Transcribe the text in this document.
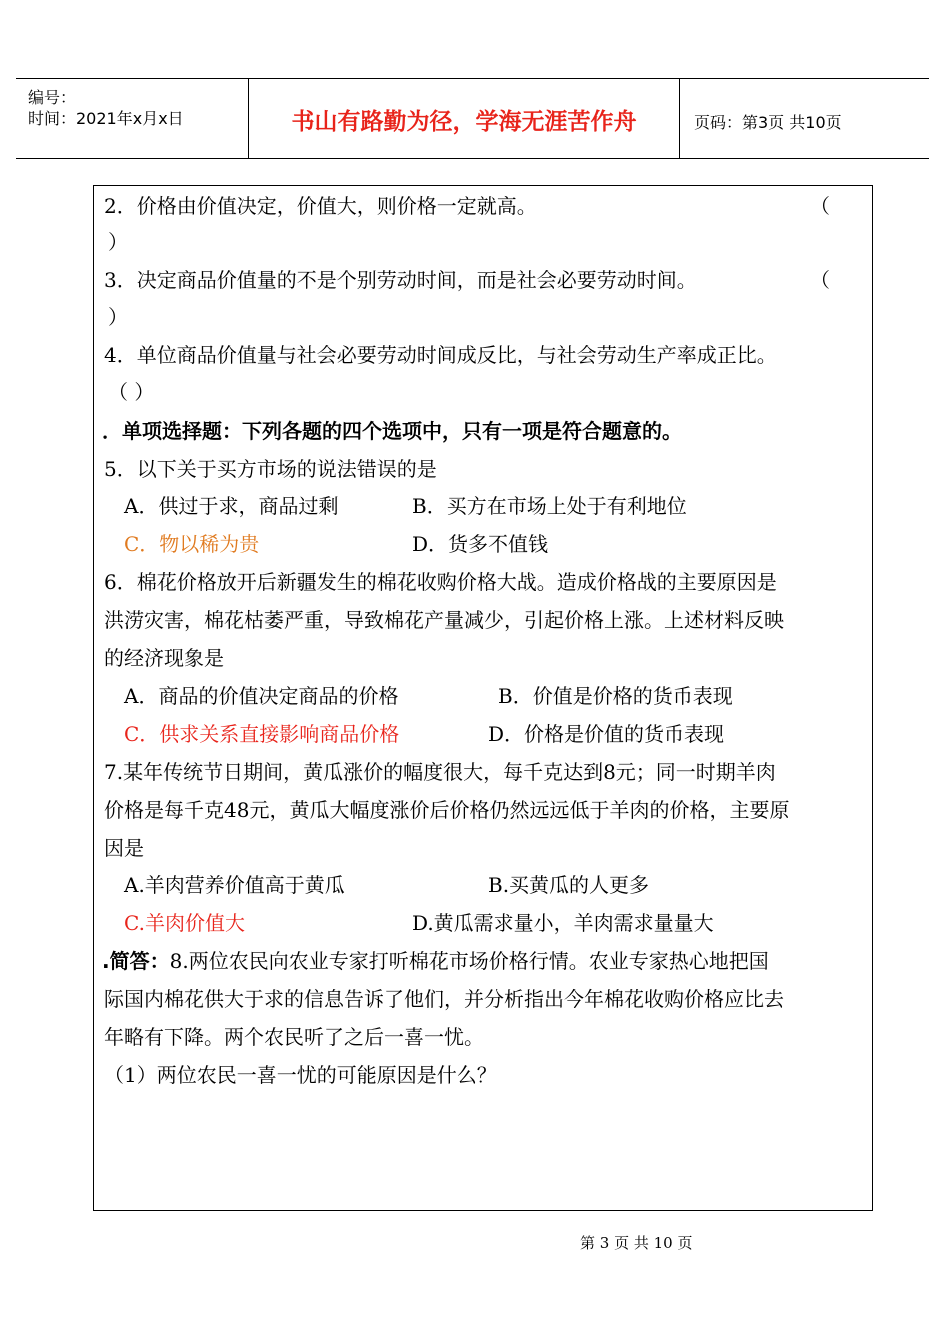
编号：
时间：2021年x月x日	书山有路勤为径，学海无涯苦作舟	页码：第3页 共10页
2．价格由价值决定，价值大，则价格一定就高。	（
）
3．决定商品价值量的不是个别劳动时间，而是社会必要劳动时间。	（
）
4．单位商品价值量与社会必要劳动时间成反比，与社会劳动生产率成正比。
（ ）
．单项选择题：下列各题的四个选项中，只有一项是符合题意的。
5．以下关于买方市场的说法错误的是
A．供过于求，商品过剩	B．买方在市场上处于有利地位
C．物以稀为贵	D．货多不值钱
6．棉花价格放开后新疆发生的棉花收购价格大战。造成价格战的主要原因是
洪涝灾害，棉花枯萎严重，导致棉花产量减少，引起价格上涨。上述材料反映
的经济现象是
A．商品的价值决定商品的价格	B．价值是价格的货币表现
C．供求关系直接影响商品价格	D．价格是价值的货币表现
7.某年传统节日期间，黄瓜涨价的幅度很大，每千克达到8元；同一时期羊肉
价格是每千克48元，黄瓜大幅度涨价后价格仍然远远低于羊肉的价格，主要原
因是
A.羊肉营养价值高于黄瓜	B.买黄瓜的人更多
C.羊肉价值大	D.黄瓜需求量小，羊肉需求量量大
.简答：8.两位农民向农业专家打听棉花市场价格行情。农业专家热心地把国
际国内棉花供大于求的信息告诉了他们，并分析指出今年棉花收购价格应比去
年略有下降。两个农民听了之后一喜一忧。
（1）两位农民一喜一忧的可能原因是什么？
第 3 页 共 10 页
